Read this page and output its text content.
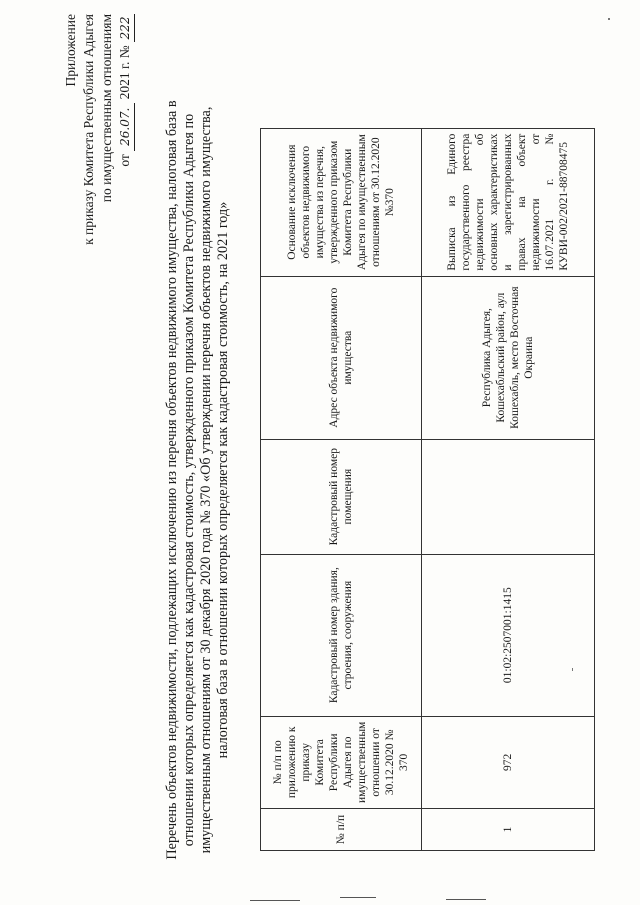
Приложение к приказу Комитета Республики Адыгея по имущественным отношениям от 26.07. 2021 г. № 222
Перечень объектов недвижимости, подлежащих исключению из перечня объектов недвижимого имущества, налоговая база в отношении которых определяется как кадастровая стоимость, утвержденного приказом Комитета Республики Адыгея по имущественным отношениям от 30 декабря 2020 года № 370 «Об утверждении перечня объектов недвижимого имущества, налоговая база в отношении которых определяется как кадастровая стоимость, на 2021 год»
№ п/п	№ п/п по приложению к приказу Комитета Республики Адыгея по имущественным отношении от 30.12.2020 № 370	Кадастровый номер здания, строения, сооружения	Кадастровый номер помещения	Адрес объекта недвижимого имущества	Основание исключения объектов недвижимого имущества из перечня, утвержденного приказом Комитета Республики Адыгея по имущественным отношениям от 30.12.2020 №370
1	972	01:02:2507001:1415		Республика Адыгея, Кошехабльский район, аул Кошехабль, место Восточная Окраина	Выписка из Единого государственного реестра недвижимости об основных характеристиках и зарегистрированных правах на объект недвижимости от 16.07.2021 г. № КУВИ-002/2021-88708475
